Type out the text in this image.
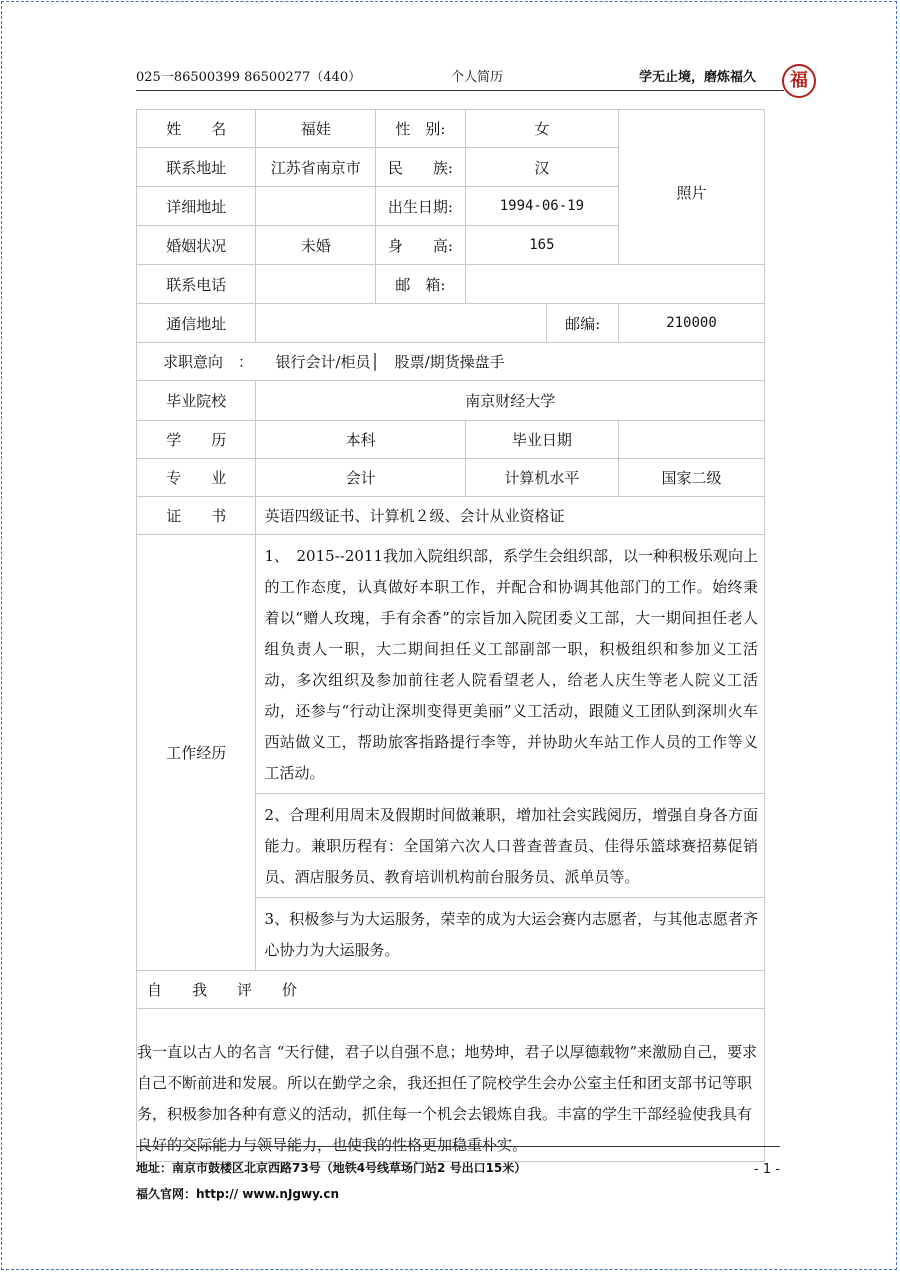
025一86500399 86500277（440）	个人简历	学无止境，磨炼福久	福
姓　　名	福娃	性　别:	女		照片
联系地址	江苏省南京市	民　　族:	汉		
详细地址		出生日期:	1994-06-19		
婚姻状况	未婚	身　　高:	165		
联系电话		邮　箱:			
通信地址				邮编:	210000
求职意向　：　　银行会计/柜员│　股票/期货操盘手					
毕业院校	南京财经大学				
学　　历	本科		毕业日期		
专　　业	会计		计算机水平		国家二级
证　　书	英语四级证书、计算机２级、会计从业资格证				
工作经历	1、　2015--2011我加入院组织部，系学生会组织部，以一种积极乐观向上的工作态度，认真做好本职工作，并配合和协调其他部门的工作。始终秉着以“赠人玫瑰，手有余香”的宗旨加入院团委义工部，大一期间担任老人组负责人一职，大二期间担任义工部副部一职，积极组织和参加义工活动，多次组织及参加前往老人院看望老人，给老人庆生等老人院义工活动，还参与“行动让深圳变得更美丽”义工活动，跟随义工团队到深圳火车西站做义工，帮助旅客指路提行李等，并协助火车站工作人员的工作等义工活动。				
	2、合理利用周末及假期时间做兼职，增加社会实践阅历，增强自身各方面能力。兼职历程有：全国第六次人口普查普查员、佳得乐篮球赛招募促销员、酒店服务员、教育培训机构前台服务员、派单员等。				
	3、积极参与为大运服务，荣幸的成为大运会赛内志愿者，与其他志愿者齐心协力为大运服务。				
自　　我　　评　　价					
我一直以古人的名言 “天行健，君子以自强不息；地势坤，君子以厚德载物”来激励自己，要求自己不断前进和发展。所以在勤学之余，我还担任了院校学生会办公室主任和团支部书记等职务，积极参加各种有意义的活动，抓住每一个机会去锻炼自我。丰富的学生干部经验使我具有良好的交际能力与领导能力，也使我的性格更加稳重朴实。					
地址：南京市鼓楼区北京西路73号（地铁4号线草场门站2 号出口15米）
福久官网：http:// www.nJgwy.cn
- 1 -
